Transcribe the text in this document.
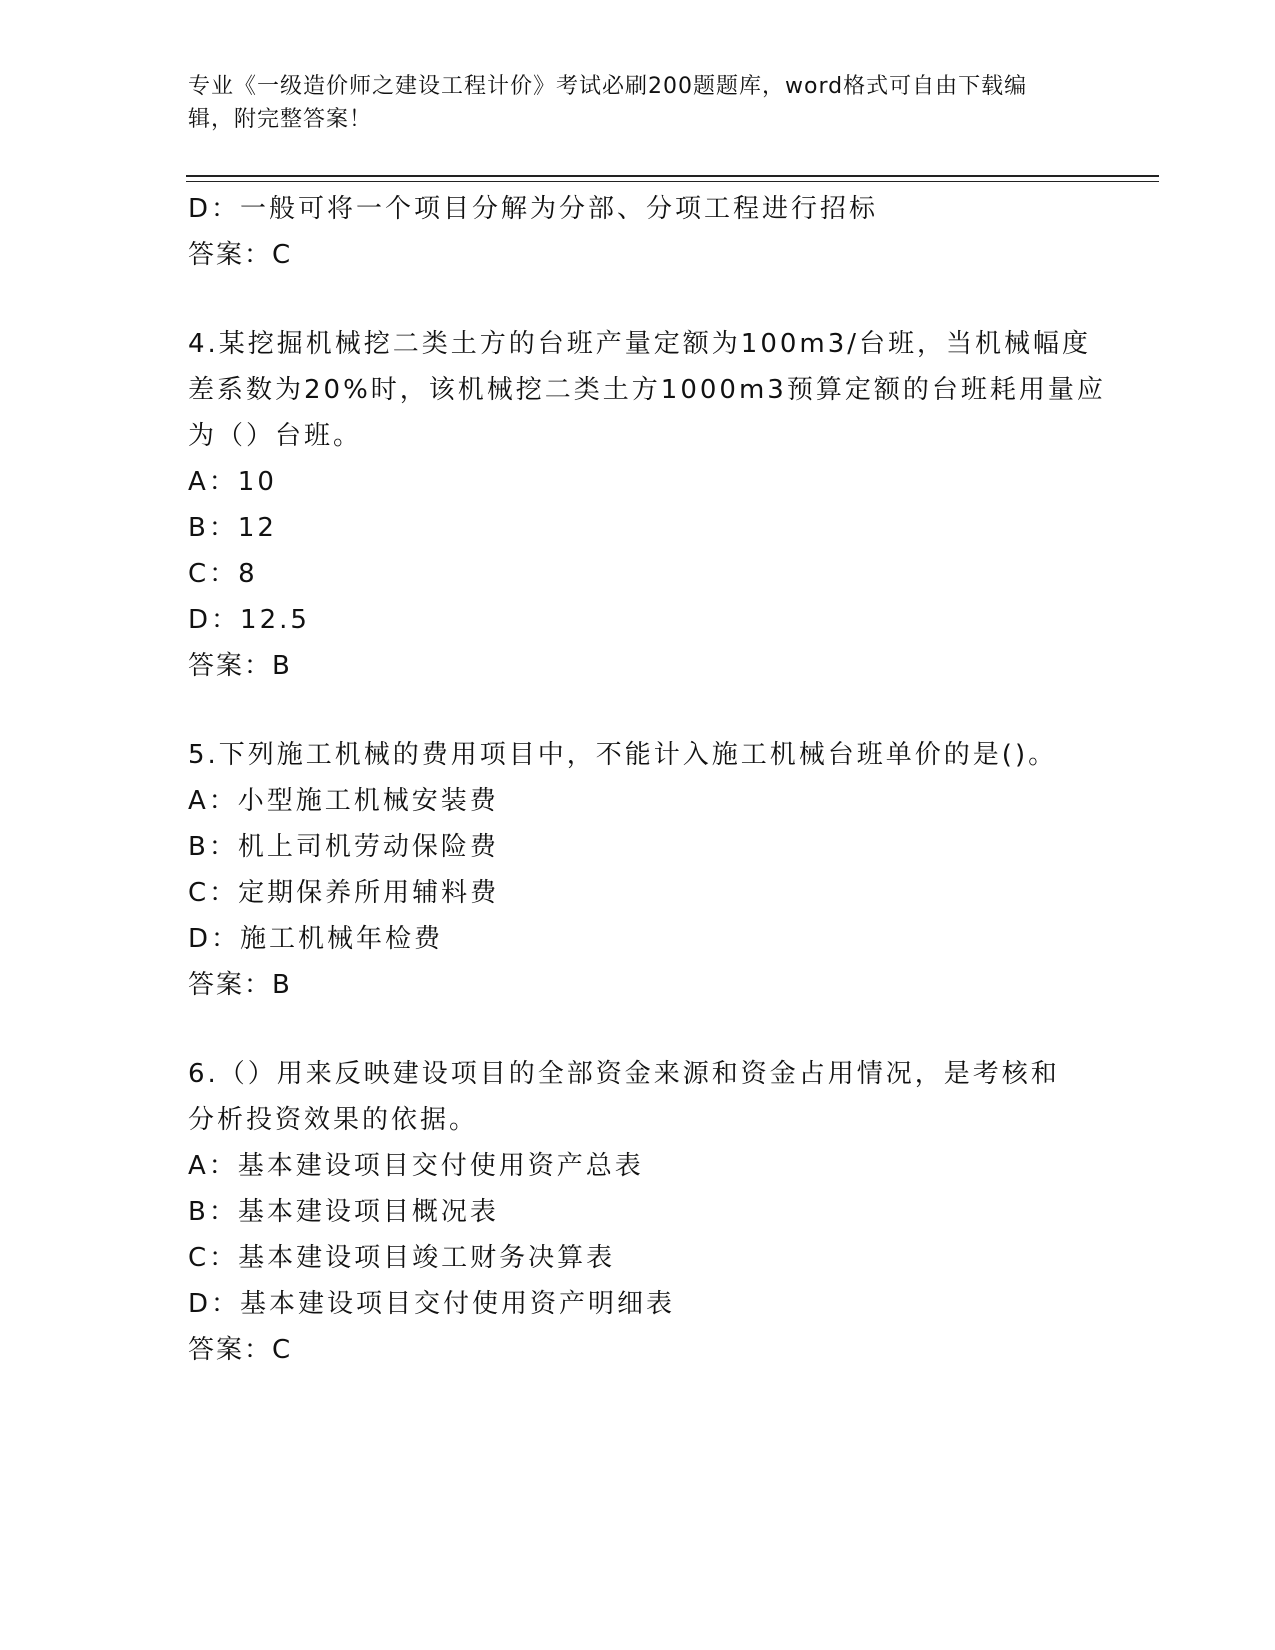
专业《一级造价师之建设工程计价》考试必刷200题题库，word格式可自由下载编辑，附完整答案！
D：一般可将一个项目分解为分部、分项工程进行招标
答案：C
4.某挖掘机械挖二类土方的台班产量定额为100m3/台班，当机械幅度
差系数为20%时，该机械挖二类土方1000m3预算定额的台班耗用量应
为（）台班。
A：10
B：12
C：8
D：12.5
答案：B
5.下列施工机械的费用项目中，不能计入施工机械台班单价的是()。
A：小型施工机械安装费
B：机上司机劳动保险费
C：定期保养所用辅料费
D：施工机械年检费
答案：B
6.（）用来反映建设项目的全部资金来源和资金占用情况，是考核和
分析投资效果的依据。
A：基本建设项目交付使用资产总表
B：基本建设项目概况表
C：基本建设项目竣工财务决算表
D：基本建设项目交付使用资产明细表
答案：C
